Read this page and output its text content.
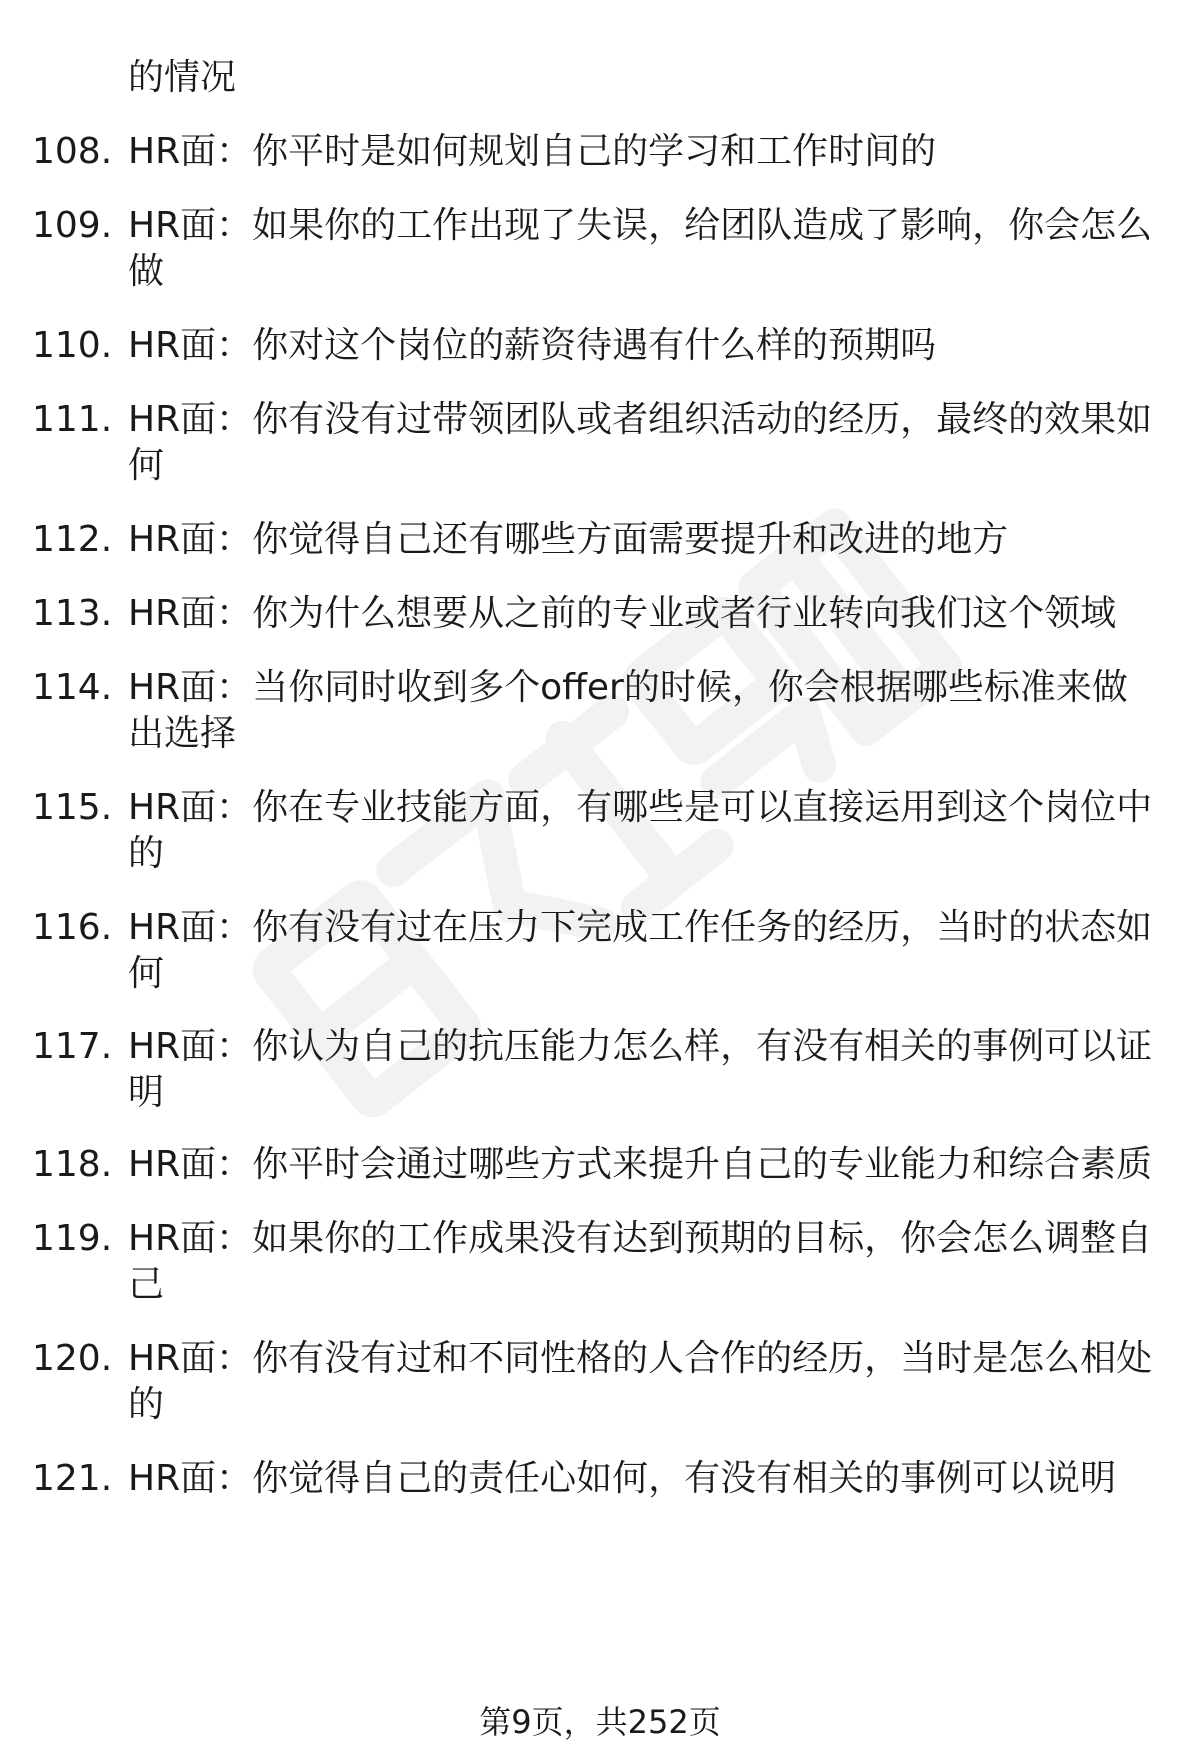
的情况
108. HR面：你平时是如何规划自己的学习和工作时间的
109. HR面：如果你的工作出现了失误，给团队造成了影响，你会怎么
做
110. HR面：你对这个岗位的薪资待遇有什么样的预期吗
111. HR面：你有没有过带领团队或者组织活动的经历，最终的效果如
何
112. HR面：你觉得自己还有哪些方面需要提升和改进的地方
113. HR面：你为什么想要从之前的专业或者行业转向我们这个领域
114. HR面：当你同时收到多个offer的时候，你会根据哪些标准来做
出选择
115. HR面：你在专业技能方面，有哪些是可以直接运用到这个岗位中
的
116. HR面：你有没有过在压力下完成工作任务的经历，当时的状态如
何
117. HR面：你认为自己的抗压能力怎么样，有没有相关的事例可以证
明
118. HR面：你平时会通过哪些方式来提升自己的专业能力和综合素质
119. HR面：如果你的工作成果没有达到预期的目标，你会怎么调整自
己
120. HR面：你有没有过和不同性格的人合作的经历，当时是怎么相处
的
121. HR面：你觉得自己的责任心如何，有没有相关的事例可以说明
第9页，共252页
